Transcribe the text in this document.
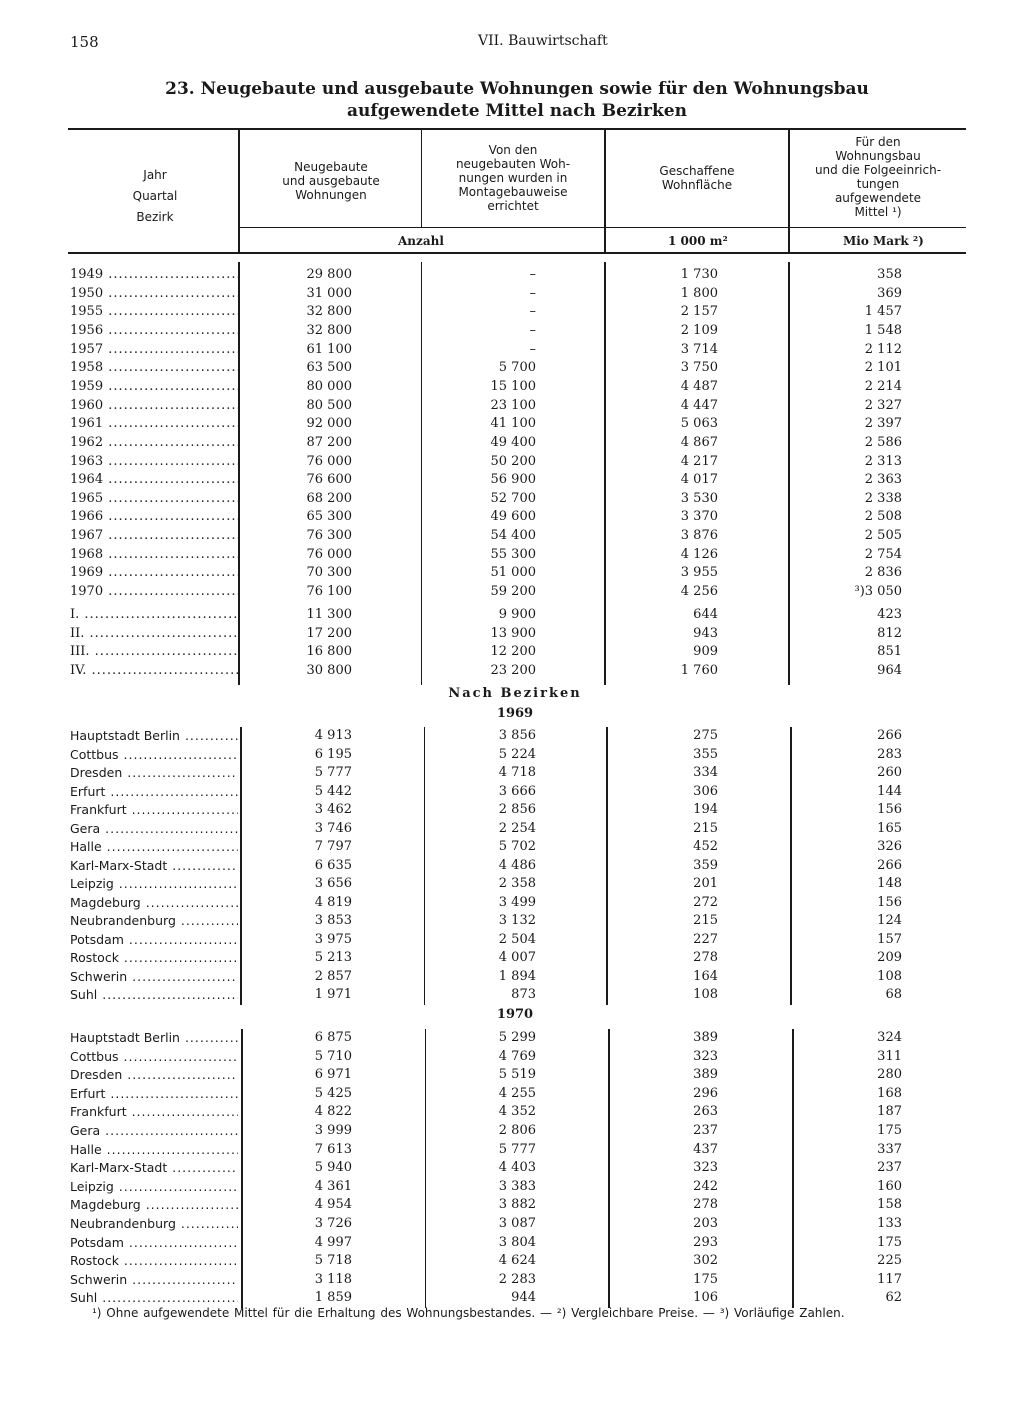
158	VII. Bauwirtschaft
23. Neugebaute und ausgebaute Wohnungen sowie für den Wohnungsbau
aufgewendete Mittel nach Bezirken
Jahr
Quartal
Bezirk
Neugebaute
und ausgebaute
Wohnungen
Von den
neugebauten Woh-
nungen wurden in
Montagebauweise
errichtet
Geschaffene
Wohnfläche
Für den
Wohnungsbau
und die Folgeeinrich-
tungen
aufgewendete
Mittel ¹)
Anzahl	1 000 m²	Mio Mark ²)
1949 .....	29 800	–	1 730	358
1950 .....	31 000	–	1 800	369
1955 .....	32 800	–	2 157	1 457
1956 .....	32 800	–	2 109	1 548
1957 .....	61 100	–	3 714	2 112
1958 .....	63 500	5 700	3 750	2 101
1959 .....	80 000	15 100	4 487	2 214
1960 .....	80 500	23 100	4 447	2 327
1961 .....	92 000	41 100	5 063	2 397
1962 .....	87 200	49 400	4 867	2 586
1963 .....	76 000	50 200	4 217	2 313
1964 .....	76 600	56 900	4 017	2 363
1965 .....	68 200	52 700	3 530	2 338
1966 .....	65 300	49 600	3 370	2 508
1967 .....	76 300	54 400	3 876	2 505
1968 .....	76 000	55 300	4 126	2 754
1969 .....	70 300	51 000	3 955	2 836
1970 .....	76 100	59 200	4 256	³)3 050
I. .....	11 300	9 900	644	423
II. .....	17 200	13 900	943	812
III. .....	16 800	12 200	909	851
IV. .....	30 800	23 200	1 760	964
Nach Bezirken
1969
Hauptstadt Berlin .....	4 913	3 856	275	266
Cottbus .....	6 195	5 224	355	283
Dresden .....	5 777	4 718	334	260
Erfurt .....	5 442	3 666	306	144
Frankfurt .....	3 462	2 856	194	156
Gera .....	3 746	2 254	215	165
Halle .....	7 797	5 702	452	326
Karl-Marx-Stadt .....	6 635	4 486	359	266
Leipzig .....	3 656	2 358	201	148
Magdeburg .....	4 819	3 499	272	156
Neubrandenburg .....	3 853	3 132	215	124
Potsdam .....	3 975	2 504	227	157
Rostock .....	5 213	4 007	278	209
Schwerin .....	2 857	1 894	164	108
Suhl .....	1 971	873	108	68
1970
Hauptstadt Berlin .....	6 875	5 299	389	324
Cottbus .....	5 710	4 769	323	311
Dresden .....	6 971	5 519	389	280
Erfurt .....	5 425	4 255	296	168
Frankfurt .....	4 822	4 352	263	187
Gera .....	3 999	2 806	237	175
Halle .....	7 613	5 777	437	337
Karl-Marx-Stadt .....	5 940	4 403	323	237
Leipzig .....	4 361	3 383	242	160
Magdeburg .....	4 954	3 882	278	158
Neubrandenburg .....	3 726	3 087	203	133
Potsdam .....	4 997	3 804	293	175
Rostock .....	5 718	4 624	302	225
Schwerin .....	3 118	2 283	175	117
Suhl .....	1 859	944	106	62
¹) Ohne aufgewendete Mittel für die Erhaltung des Wohnungsbestandes. — ²) Vergleichbare Preise. — ³) Vorläufige Zahlen.
